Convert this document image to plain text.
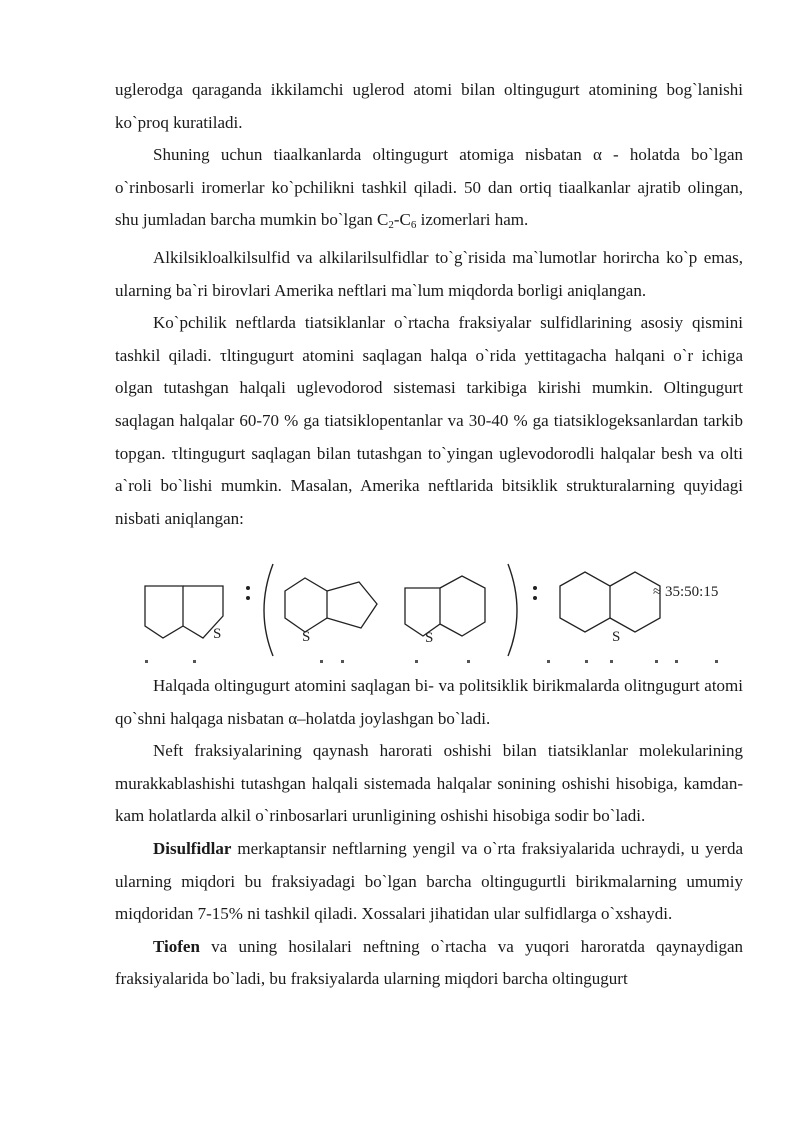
uglerodga qaraganda ikkilamchi uglerod atomi bilan oltingugurt atomining bog`lanishi ko`proq kuratiladi.

Shuning uchun tiaalkanlarda oltingugurt atomiga nisbatan α - holatda bo`lgan o`rinbosarli iromerlar ko`pchilikni tashkil qiladi. 50 dan ortiq tiaalkanlar ajratib olingan, shu jumladan barcha mumkin bo`lgan $C_2-C_6$ izomerlari ham.

Alkilsikloalkilsulfid va alkilarilsulfidlar to`g`risida ma`lumotlar horircha ko`p emas, ularning ba`ri birovlari Amerika neftlari ma`lum miqdorda borligi aniqlangan.

Ko`pchilik neftlarda tiatsiklanlar o`rtacha fraksiyalar sulfidlarining asosiy qismini tashkil qiladi. τltingugurt atomini saqlagan halqa o`rida yettitagacha halqani o`r ichiga olgan tutashgan halqali uglevodorod sistemasi tarkibiga kirishi mumkin. Oltingugurt saqlagan halqalar 60-70 % ga tiatsiklopentanlar va 30-40 % ga tiatsiklogeksanlardan tarkib topgan. τltingugurt saqlagan bilan tutashgan to`yingan uglevodorodli halqalar besh va olti a`roli bo`lishi mumkin. Masalan, Amerika neftlarida bitsiklik strukturalarning quyidagi nisbati aniqlangan:

S	S	S	S
≈ 35:50:15

Halqada oltingugurt atomini saqlagan bi- va politsiklik birikmalarda olitngugurt atomi qo`shni halqaga nisbatan α–holatda joylashgan bo`ladi.

Neft fraksiyalarining qaynash harorati oshishi bilan tiatsiklanlar molekularining murakkablashishi tutashgan halqali sistemada halqalar sonining oshishi hisobiga, kamdan-kam holatlarda alkil o`rinbosarlari urunligining oshishi hisobiga sodir bo`ladi.

Disulfidlar merkaptansir neftlarning yengil va o`rta fraksiyalarida uchraydi, u yerda ularning miqdori bu fraksiyadagi bo`lgan barcha oltingugurtli birikmalarning umumiy miqdoridan 7-15% ni tashkil qiladi. Xossalari jihatidan ular sulfidlarga o`xshaydi.

Tiofen va uning hosilalari neftning o`rtacha va yuqori haroratda qaynaydigan fraksiyalarida bo`ladi, bu fraksiyalarda ularning miqdori barcha oltingugurt
